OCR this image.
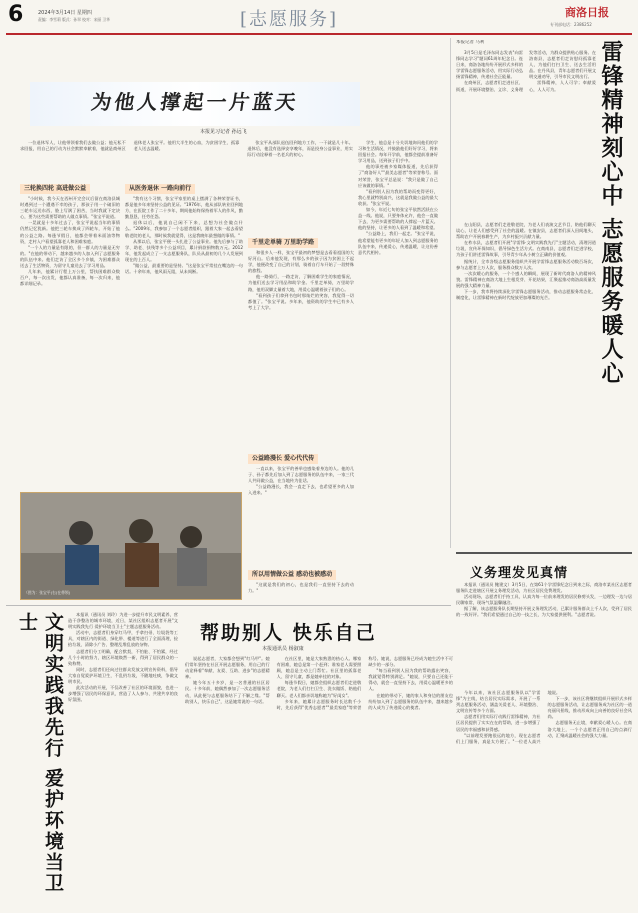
6	2024年3月14日 星期四
责编：李雪莉 版式：孙翠 校对：宋丽 卫华	[志愿服务]	商洛日报
专刊部电话：2386252
为他人撑起一片蓝天
本报见习记者 孙远飞

一位退休军人，让他带领着我们去做公益；他无私不求回报，用自己的行动为社会默默奉献着，他就是商州区退休老人张宝平。他用大半生的心血，为贫困学生、孤寡老人送去温暖。

张宝平从部队退伍回到地方工作，一干就是几十年。退休后，他没有选择安享晚年，而是投身公益事业，用实际行动诠释着一名老兵的初心。

三轮换四轮 高进做公益

"小时候，我今天在西州开完会议后留在商洛县城时遇到过一个遭遇不幸的孩子，那孩子用一个破旧的三轮车运送东西，脸上写满了困苦，当时我就下定决心，要为这些需要帮助的人做点事情。"张宝平说道。

一晃就是十多年过去了，张宝平说起当年的事情仍然记忆犹新。他把三轮车换成了四轮车，开始了他的公益之路。每逢节假日，他都会带着米面油等物资，走村入户看望孤寡老人和困难家庭。

"一个人的力量是有限的，但一群人的力量是无穷的。"在他的带动下，越来越多的人加入到了志愿服务的队伍中来。他们走访了全区多个乡镇，为困难群众送去了生活物资，为留守儿童送去了学习用品。

几年来，他累计行程上万公里，帮扶困难群众数百户，每一次出发，他都认真准备，每一次归来，他都详细记录。

从医务退休 一路向前行

"我有这个习惯，张宝平家里的桌上摆满了各种荣誉证书，都是他多年来坚持公益的见证。"1976年，他从部队转业回到地方，在医院工作了二十多年，期间他始终保持着军人的作风，勤勤恳恳，任劳任怨。

退休以后，他说自己闲不下来，总想为社会做点什么。"2009年，我参加了一个志愿者组织，跟着大家一起去看望敬老院的老人，那时候我就觉得，这是我晚年最想做的事情。"

从那以后，张宝平便一头扎进了公益事业。他先后参与了助学、助老、扶残等多个公益项目，累计捐款捐物数万元。2012年，他发起成立了一支志愿服务队，队员从最初的几个人发展到现在的上百人。

"做公益，最重要的是坚持。"这是张宝平常挂在嘴边的一句话。十余年来，他风雨无阻，从未间断。

千里走单骑 万里助学路

和很多人一样，张宝平最初的梦想是去看看祖国的大好河山。后来他发现，有那么多的孩子因为贫困上不起学，他便改变了自己的计划，骑着自行车开始了一段特殊的旅程。

他一路骑行，一路走访，了解困难学生的家庭情况，为他们送去学习用品和助学金。千里走单骑，万里助学路，他用双脚丈量着大地，用爱心温暖着孩子们的心。

"看到孩子们拿到书包时那灿烂的笑容，我觉得一切都值了。"张宝平说。多年来，他资助的学生中已有多人考上了大学。

公益路漫长 爱心代代传

一直以来，张宝平的善举也感染着身边的人。他的儿子、孙子都先后加入到了志愿服务的队伍中来，一家三代人共同做公益，在当地传为佳话。

"公益路漫长，我会一直走下去，也希望更多的人加入进来。"

所以用情做公益 感动也被感动
（图为：张宝平(右)在带领)

"这就是我们的初心，也是我们一直坚持下去的动力。"

学生，他总是十分关切地询问他们的学习和生活情况，并鼓励他们好好学习，将来回报社会。每年开学前，他都会提前准备好学习用品，送到孩子们手中。

他的事迹被多家媒体报道，先后获得了"商洛好人""最美志愿者"等荣誉称号。面对荣誉，张宝平总是说："我只是做了自己应该做的事情。"

"看到别人因为我的帮助而变得更好，我心里就特别高兴，这就是我做公益的最大收获。"张宝平说。

如今，年近七旬的张宝平依然活跃在公益一线。他说，只要身体允许，他会一直做下去，为更多需要帮助的人撑起一片蓝天。他的坚持，让更多的人看到了温暖和希望。

"公益路上，我们一起走。"张宝平说，他希望能有更多的年轻人加入到志愿服务的队伍中来，传递爱心，传递温暖，让这份善意代代相传。

本报记者 马利

3月5日是毛泽东同志发表"向雷锋同志学习"题词61周年纪念日。连日来，商洛各地纷纷开展形式多样的学雷锋志愿服务活动，用实际行动弘扬雷锋精神，传递社会正能量。

在商州区，志愿者们走进社区、街道，开展环境整治、义诊、义务理发等活动，为群众提供贴心服务。在洛南县，志愿者们走访慰问孤寡老人，为他们打扫卫生、送去生活用品。在丹凤县，青年志愿者们开展文明交通劝导，引导市民文明出行。

雷锋精神，人人可学；奉献爱心，人人可为。	雷锋精神刻心中 志愿服务暖人心

在山阳县，志愿者们走进敬老院，为老人们表演文艺节目，陪他们聊天谈心，让老人们感受到了社会的温暖。在镇安县，志愿者们深入田间地头，帮助农户开展春耕生产，为乡村振兴贡献力量。

在柞水县，志愿者们开展"学雷锋·文明实践我先行"主题活动，清理河道垃圾，宣传环保知识，倡导绿色生活方式。在商南县，志愿者们走进学校，为孩子们讲述雷锋故事，引导青少年从小树立正确的价值观。

据统计，全市各级志愿服务组织共开展学雷锋志愿服务活动数百场次，参与志愿者上万人次，服务群众数万人次。

一次次暖心的服务，一个个感人的瞬间，展现了新时代商洛人的精神风貌。雷锋精神在商洛大地上生根发芽、开花结果，汇聚起推动商洛高质量发展的强大精神力量。

下一步，我市将持续深化学雷锋志愿服务活动，推动志愿服务常态化、制度化，让雷锋精神在新时代绽放更加璀璨的光芒。

义务理发见真情

本报讯（通讯员 鲍建文）3月5日，在第61个学雷锋纪念日到来之际，商洛市某社区志愿者服务队走进辖区开展义务理发活动，为社区居民免费理发。

活动现场，志愿者们手持工具，认真为每一位前来理发的居民修剪头发，一边理发一边与居民聊家常，现场气氛温馨融洽。

据了解，该志愿服务队长期坚持开展义务理发活动，已累计服务群众上千人次，受到了居民的一致好评。"我们希望通过自己的一技之长，为大家提供便利。"志愿者说。

文明实践我先行 爱护环境当卫士	本报讯（通讯员 刘玲）为进一步提升市民文明素养，营造干净整洁的城市环境，近日，某社区组织志愿者开展"文明实践我先行 爱护环境当卫士"主题志愿服务活动。

活动中，志愿者们身穿红马甲，手拿扫帚、垃圾袋等工具，对辖区内的街道、绿化带、楼道等进行了全面清理，捡拾垃圾、清除小广告、整理乱堆乱放的杂物。

志愿者们分工明确，配合默契，不怕脏、不怕累，经过几个小时的努力，辖区环境焕然一新，得到了居民群众的一致称赞。

同时，志愿者们还向过往群众发放文明宣传资料，倡导大家自觉爱护环境卫生，不乱扔垃圾，不随地吐痰，争做文明市民。

此次活动的开展，不仅改善了社区的环境面貌，也进一步增强了居民的环保意识，营造了人人参与、共建共享的良好氛围。

帮助别人 快乐自己
本报通讯员 杨淑康

说起志愿者，大家都会想到"红马甲"。她们常年坚持在社区开展志愿服务，用自己的行动诠释着"奉献、友爱、互助、进步"的志愿精神。

她今年五十多岁，是一名普通的社区居民。十多年前，她偶然参加了一次志愿服务活动，从此便与志愿服务结下了不解之缘。"帮助别人，快乐自己"，这是她常说的一句话。

在社区里，她是大家熟悉的热心人。哪家有困难，她总是第一个赶到；谁家老人需要照顾，她总是主动上门帮忙。社区里的孤寡老人、留守儿童，都是她牵挂的对象。

每逢节假日，她都会组织志愿者们走进敬老院，为老人们打扫卫生、洗衣做饭、陪他们聊天。老人们都亲切地称她为"好闺女"。

多年来，她累计志愿服务时长达数千小时，先后获得"优秀志愿者""最美家庭"等荣誉称号。她说，志愿服务已经成为她生活中不可缺少的一部分。

"每当看到别人因为我的帮助露出笑容，我就觉得特别满足。"她说，只要自己还能干得动，就会一直坚持下去，用爱心温暖更多的人。

在她的带动下，她的家人和身边的朋友也纷纷加入到了志愿服务的队伍中来，越来越多的人成为了传递爱心的使者。

今年以来，该社区志愿服务队以"学雷锋"为主线，结合居民实际需求，开展了一系列志愿服务活动，涵盖关爱老人、环境整治、文明宣传等多个方面。

志愿者们用实际行动践行雷锋精神，为社区居民提供了实实在在的帮助，进一步增强了居民的幸福感和获得感。

"以前理发要跑很远的地方，现在志愿者们上门服务，真是太方便了。"一位老人高兴地说。

下一步，该社区将继续组织开展形式多样的志愿服务活动，让志愿服务成为社区的一道亮丽风景线，推动形成向上向善的良好社会风尚。

志愿服务无止境，奉献爱心暖人心。在商洛大地上，一个个志愿者正用自己的点滴行动，汇聚成温暖社会的强大力量。
